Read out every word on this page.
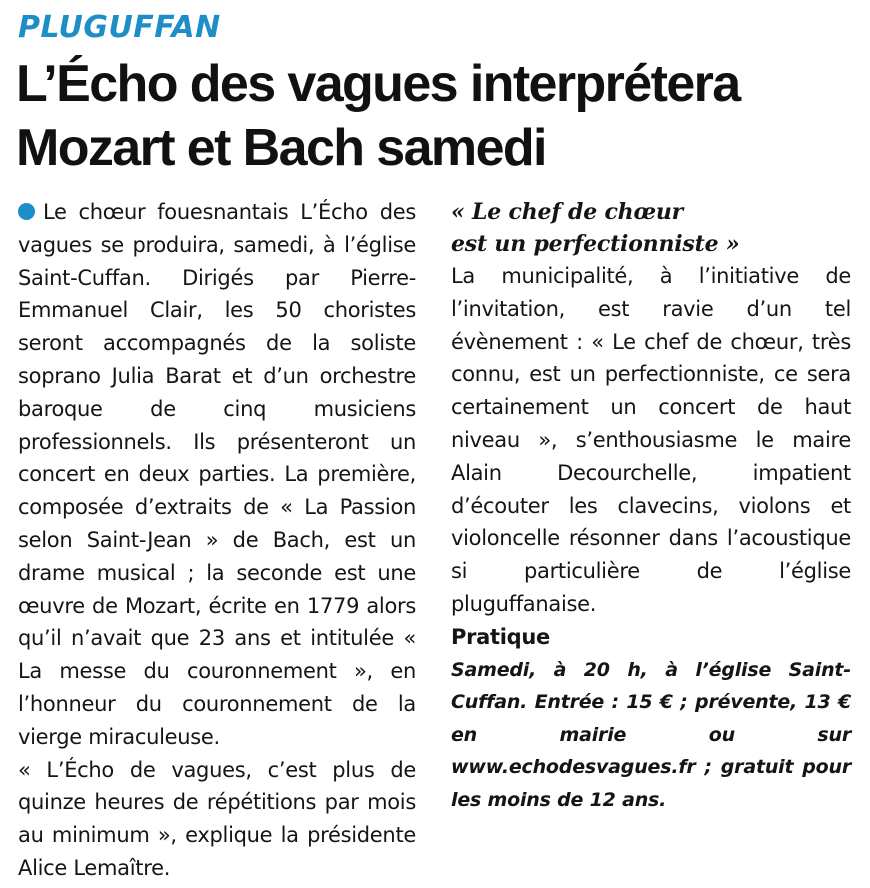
PLUGUFFAN
L’Écho des vagues interprétera
Mozart et Bach samedi

Le chœur fouesnantais L’Écho des vagues se produira, samedi, à l’église Saint-Cuffan. Dirigés par Pierre-Emmanuel Clair, les 50 choristes seront accompagnés de la soliste soprano Julia Barat et d’un orchestre baroque de cinq musiciens professionnels. Ils présenteront un concert en deux parties. La première, composée d’extraits de « La Passion selon Saint-Jean » de Bach, est un drame musical ; la seconde est une œuvre de Mozart, écrite en 1779 alors qu’il n’avait que 23 ans et intitulée « La messe du couronnement », en l’honneur du couronnement de la vierge miraculeuse.

« L’Écho de vagues, c’est plus de quinze heures de répétitions par mois au minimum », explique la présidente Alice Lemaître.

« Le chef de chœur
est un perfectionniste »

La municipalité, à l’initiative de l’invitation, est ravie d’un tel évènement : « Le chef de chœur, très connu, est un perfectionniste, ce sera certainement un concert de haut niveau », s’enthousiasme le maire Alain Decourchelle, impatient d’écouter les clavecins, violons et violoncelle résonner dans l’acoustique si particulière de l’église pluguffanaise.

Pratique

Samedi, à 20 h, à l’église Saint-Cuffan. Entrée : 15 € ; prévente, 13 € en mairie ou sur www.echodesvagues.fr ; gratuit pour les moins de 12 ans.
